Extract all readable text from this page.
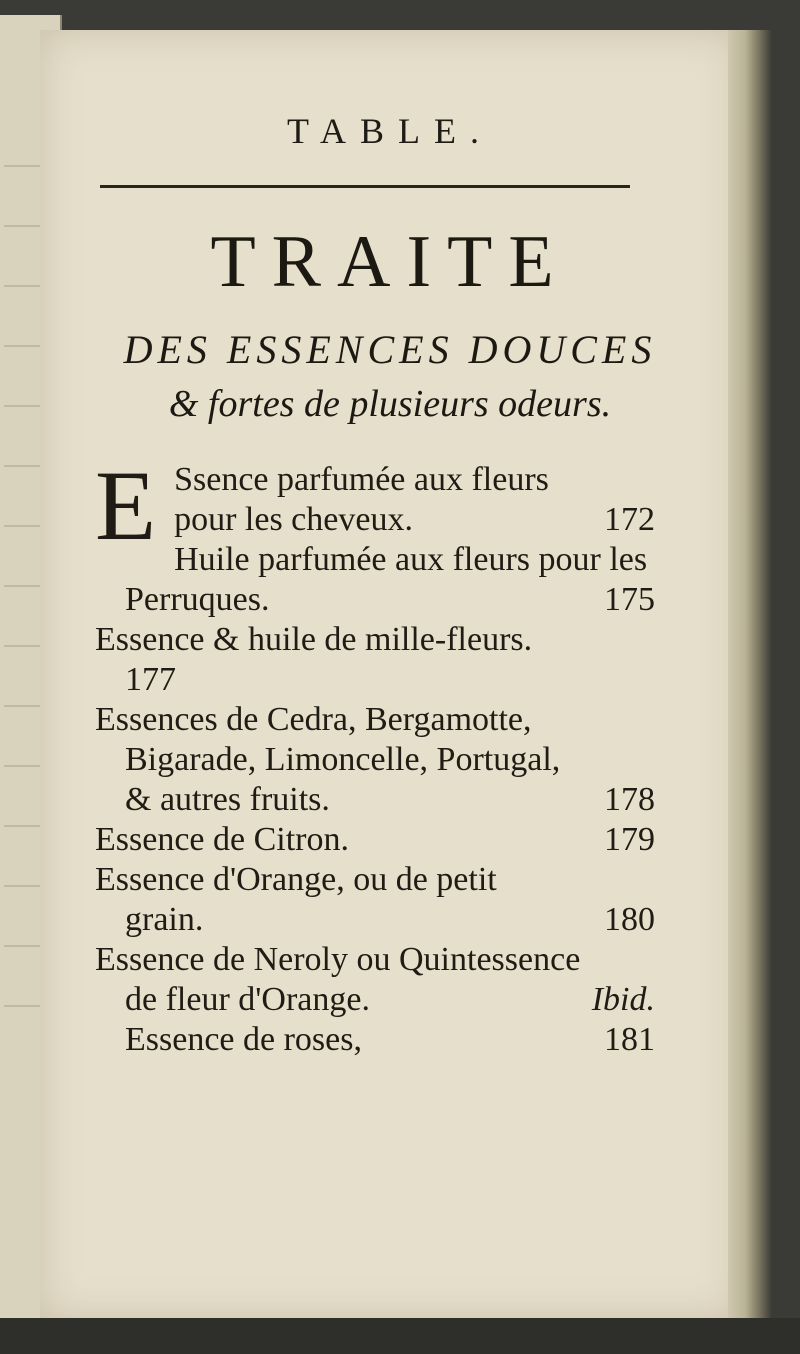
TABLE.
TRAITE
DES ESSENCES DOUCES
& fortes de plusieurs odeurs.
E Ssence parfumée aux fleurs
pour les cheveux.	172
Huile parfumée aux fleurs pour les
Perruques.	175
Essence & huile de mille-fleurs.
177
Essences de Cedra, Bergamotte,
Bigarade, Limoncelle, Portugal,
& autres fruits.	178
Essence de Citron.	179
Essence d'Orange, ou de petit
grain.	180
Essence de Neroly ou Quintessence
de fleur d'Orange.	Ibid.
Essence de roses,	181
